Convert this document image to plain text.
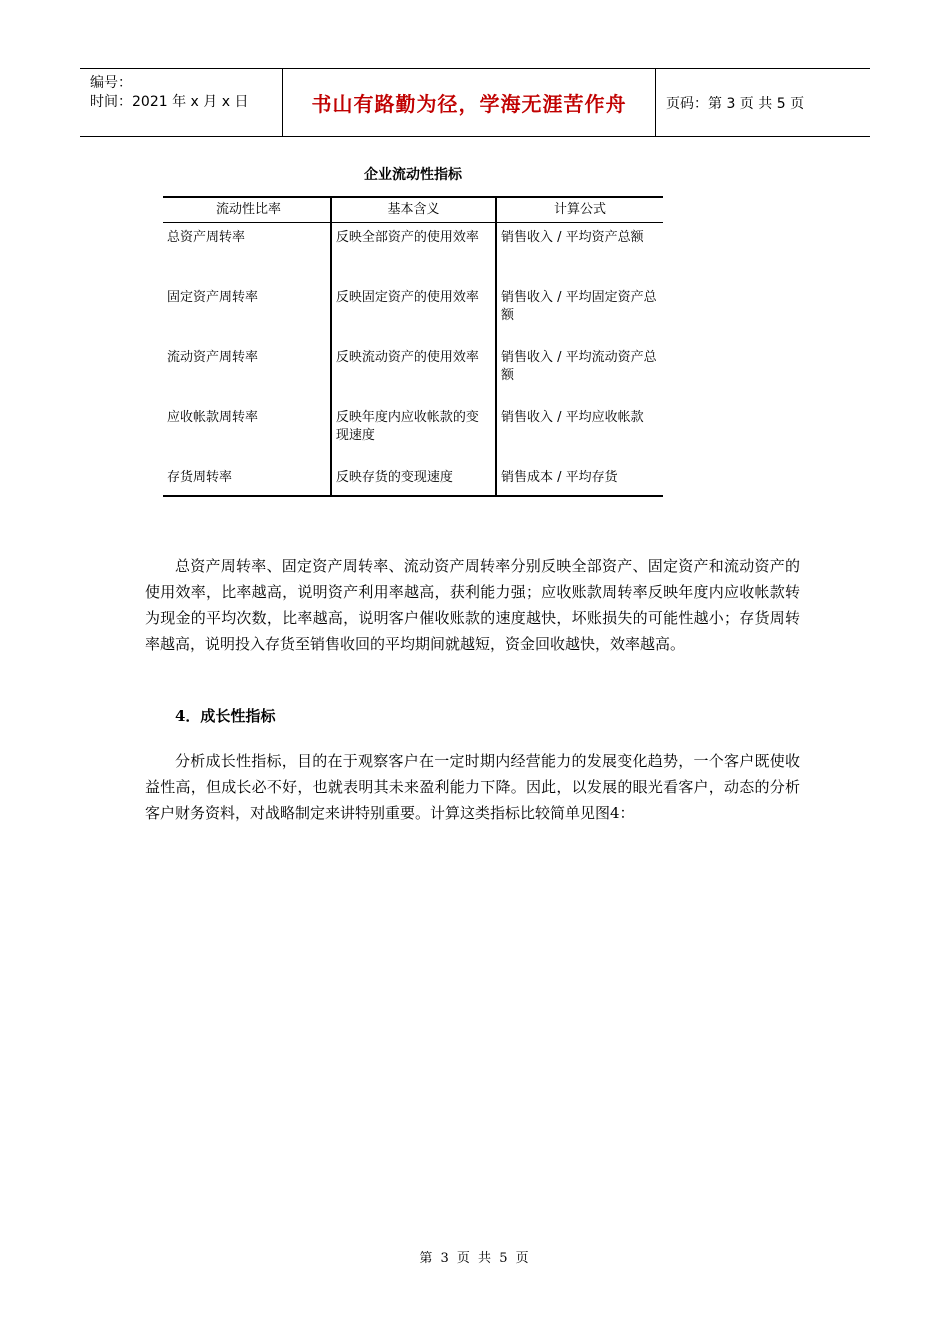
编号：
时间：2021 年 x 月 x 日	书山有路勤为径，学海无涯苦作舟	页码：第 3 页 共 5 页
企业流动性指标
流动性比率	基本含义	计算公式
总资产周转率	反映全部资产的使用效率	销售收入 / 平均资产总额
固定资产周转率	反映固定资产的使用效率	销售收入 / 平均固定资产总额
流动资产周转率	反映流动资产的使用效率	销售收入 / 平均流动资产总额
应收帐款周转率	反映年度内应收帐款的变现速度	销售收入 / 平均应收帐款
存货周转率	反映存货的变现速度	销售成本 / 平均存货

总资产周转率、固定资产周转率、流动资产周转率分别反映全部资产、固定资产和流动资产的使用效率，比率越高，说明资产利用率越高，获利能力强；应收账款周转率反映年度内应收帐款转为现金的平均次数，比率越高，说明客户催收账款的速度越快，坏账损失的可能性越小；存货周转率越高，说明投入存货至销售收回的平均期间就越短，资金回收越快，效率越高。

4．成长性指标

分析成长性指标，目的在于观察客户在一定时期内经营能力的发展变化趋势，一个客户既使收益性高，但成长必不好，也就表明其未来盈利能力下降。因此，以发展的眼光看客户，动态的分析客户财务资料，对战略制定来讲特别重要。计算这类指标比较简单见图4：

第 3 页 共 5 页
